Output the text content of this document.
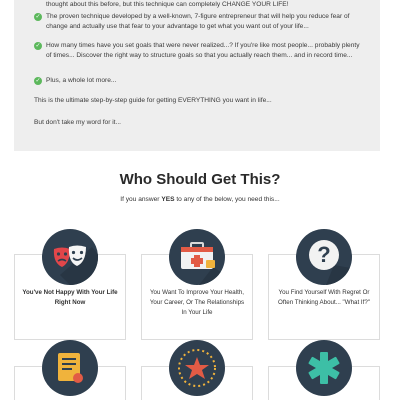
thought about this before, but this technique can completely CHANGE YOUR LIFE!
✓ The proven technique developed by a well-known, 7-figure entrepreneur that will help you reduce fear of change and actually use that fear to your advantage to get what you want out of your life...
✓ How many times have you set goals that were never realized...? If you're like most people... probably plenty of times... Discover the right way to structure goals so that you actually reach them... and in record time...
✓ Plus, a whole lot more...
This is the ultimate step-by-step guide for getting EVERYTHING you want in life...
But don't take my word for it...
Who Should Get This?
If you answer YES to any of the below, you need this...
You've Not Happy With Your Life Right Now
You Want To Improve Your Health, Your Career, Or The Relationships In Your Life
You Find Yourself With Regret Or Often Thinking About... "What If?"
?
